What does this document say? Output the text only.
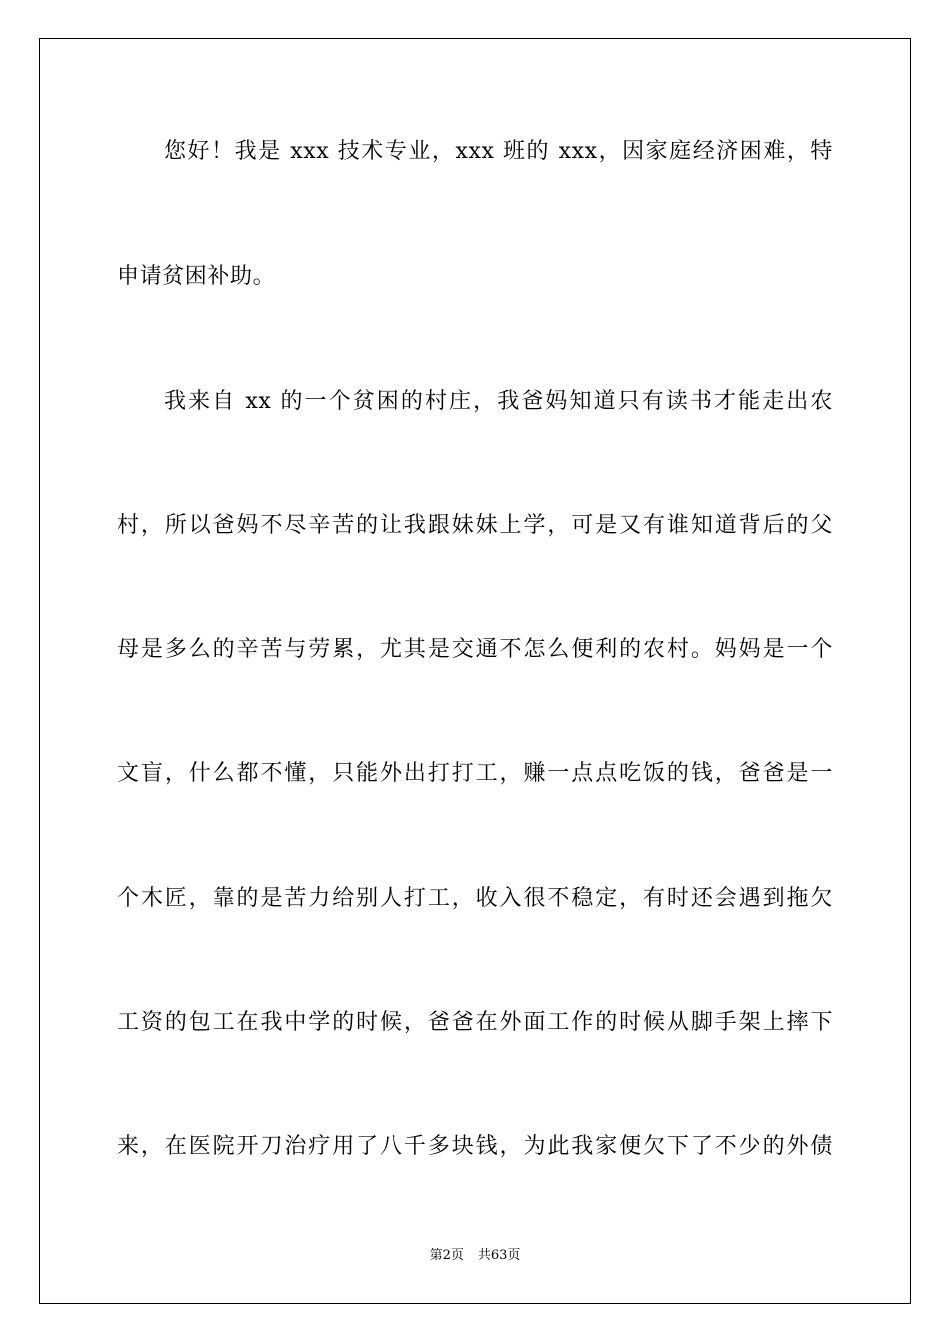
您好！我是 xxx 技术专业，xxx 班的 xxx，因家庭经济困难，特
申请贫困补助。
我来自 xx 的一个贫困的村庄，我爸妈知道只有读书才能走出农
村，所以爸妈不尽辛苦的让我跟妹妹上学，可是又有谁知道背后的父
母是多么的辛苦与劳累，尤其是交通不怎么便利的农村。妈妈是一个
文盲，什么都不懂，只能外出打打工，赚一点点吃饭的钱，爸爸是一
个木匠，靠的是苦力给别人打工，收入很不稳定，有时还会遇到拖欠
工资的包工在我中学的时候，爸爸在外面工作的时候从脚手架上摔下
来，在医院开刀治疗用了八千多块钱，为此我家便欠下了不少的外债
第2页 共63页
